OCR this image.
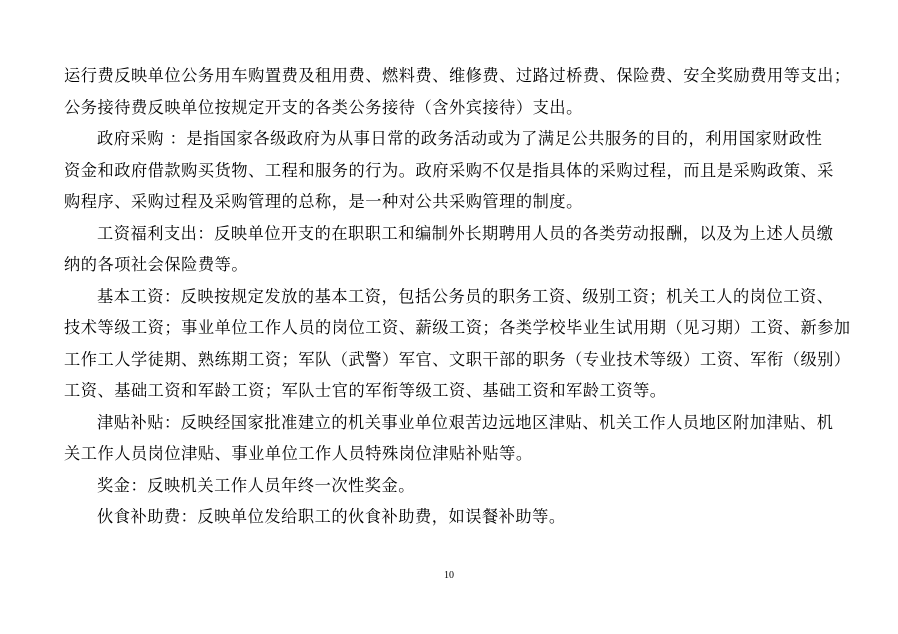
运行费反映单位公务用车购置费及租用费、燃料费、维修费、过路过桥费、保险费、安全奖励费用等支出；
公务接待费反映单位按规定开支的各类公务接待（含外宾接待）支出。
政府采购 ：是指国家各级政府为从事日常的政务活动或为了满足公共服务的目的，利用国家财政性
资金和政府借款购买货物、工程和服务的行为。政府采购不仅是指具体的采购过程，而且是采购政策、采
购程序、采购过程及采购管理的总称，是一种对公共采购管理的制度。
工资福利支出：反映单位开支的在职职工和编制外长期聘用人员的各类劳动报酬，以及为上述人员缴
纳的各项社会保险费等。
基本工资：反映按规定发放的基本工资，包括公务员的职务工资、级别工资；机关工人的岗位工资、
技术等级工资；事业单位工作人员的岗位工资、薪级工资；各类学校毕业生试用期（见习期）工资、新参加
工作工人学徒期、熟练期工资；军队（武警）军官、文职干部的职务（专业技术等级）工资、军衔（级别）
工资、基础工资和军龄工资；军队士官的军衔等级工资、基础工资和军龄工资等。
津贴补贴：反映经国家批准建立的机关事业单位艰苦边远地区津贴、机关工作人员地区附加津贴、机
关工作人员岗位津贴、事业单位工作人员特殊岗位津贴补贴等。
奖金：反映机关工作人员年终一次性奖金。
伙食补助费：反映单位发给职工的伙食补助费，如误餐补助等。
10
